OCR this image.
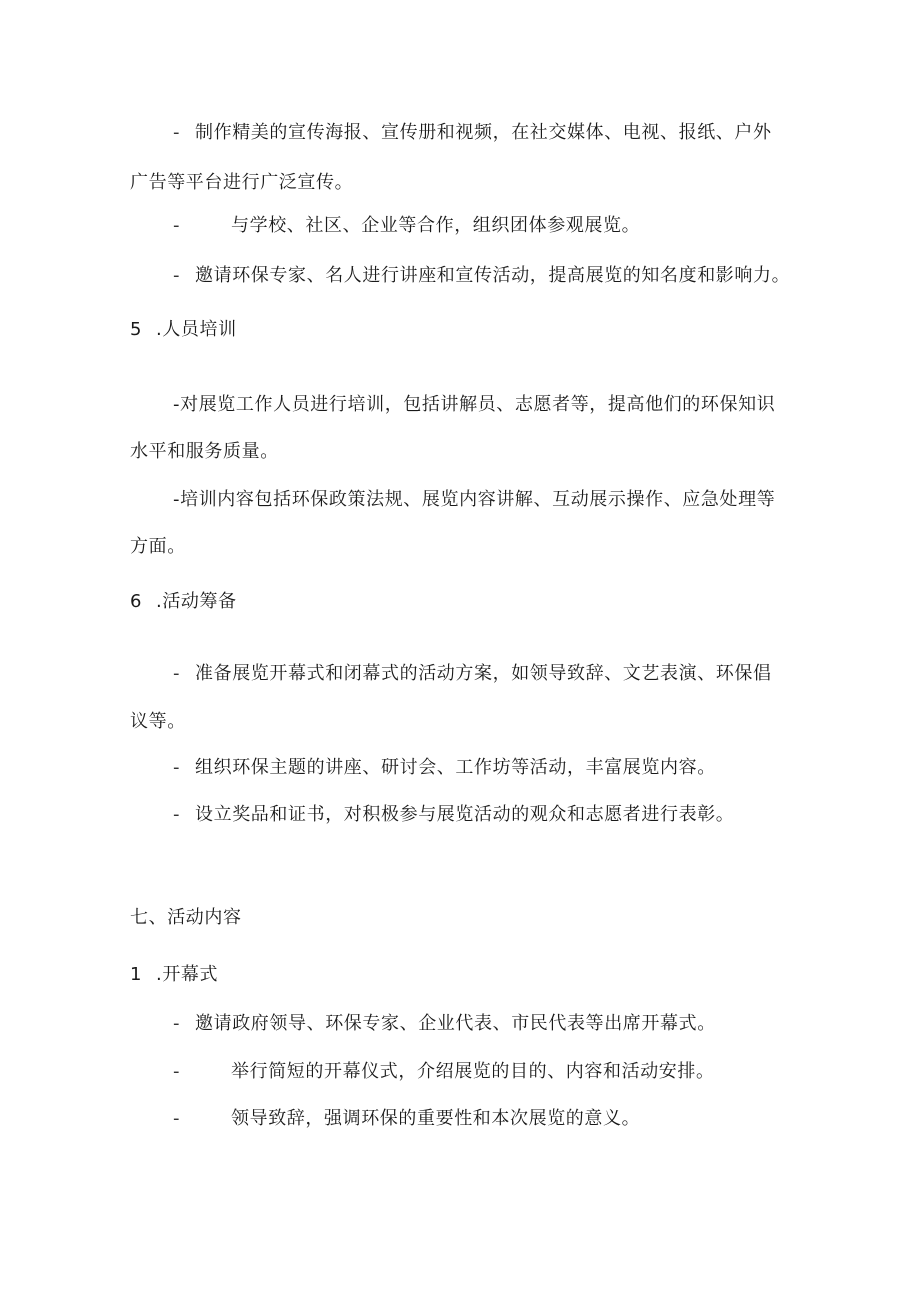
- 制作精美的宣传海报、宣传册和视频，在社交媒体、电视、报纸、户外
广告等平台进行广泛宣传。
-	与学校、社区、企业等合作，组织团体参观展览。
- 邀请环保专家、名人进行讲座和宣传活动，提高展览的知名度和影响力。
5 .人员培训
-对展览工作人员进行培训，包括讲解员、志愿者等，提高他们的环保知识
水平和服务质量。
-培训内容包括环保政策法规、展览内容讲解、互动展示操作、应急处理等
方面。
6 .活动筹备
- 准备展览开幕式和闭幕式的活动方案，如领导致辞、文艺表演、环保倡
议等。
- 组织环保主题的讲座、研讨会、工作坊等活动，丰富展览内容。
- 设立奖品和证书，对积极参与展览活动的观众和志愿者进行表彰。
七、活动内容
1 .开幕式
- 邀请政府领导、环保专家、企业代表、市民代表等出席开幕式。
-	举行简短的开幕仪式，介绍展览的目的、内容和活动安排。
-	领导致辞，强调环保的重要性和本次展览的意义。
